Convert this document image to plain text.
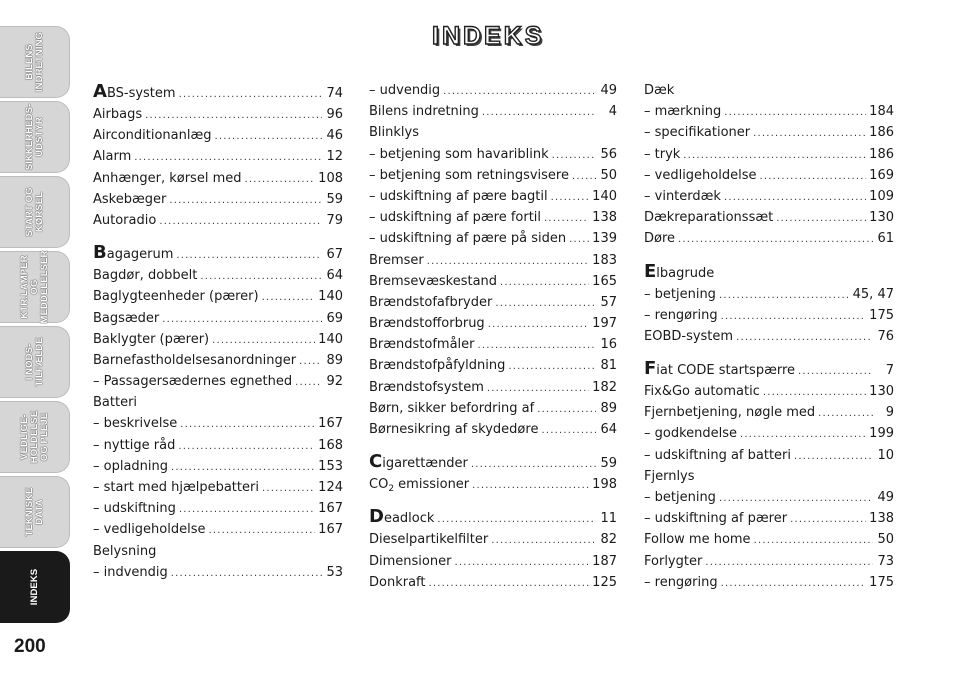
BILENS
INDRETNING
SIKKERHEDS-
UDSTYR
START OG
KØRSEL
KTR.LAMPER
OG
MEDDELELSER
I NØDS-
TILFÆLDE
VEDLIGE-
HOLDELSE
OG PLEJE
TEKNISKE
DATA
INDEKS
200
INDEKS
ABS-system .....	74
Airbags .....	96
Airconditionanlæg .....	46
Alarm .....	12
Anhænger, kørsel med .....	108
Askebæger .....	59
Autoradio .....	79
Bagagerum .....	67
Bagdør, dobbelt .....	64
Baglygteenheder (pærer) .....	140
Bagsæder .....	69
Baklygter (pærer) .....	140
Barnefastholdelsesanordninger ..... 89
– Passagersædernes egnethed .....	92
Batteri
– beskrivelse .....	167
– nyttige råd .....	168
– opladning .....	153
– start med hjælpebatteri .....	124
– udskiftning .....	167
– vedligeholdelse .....	167
Belysning
– indvendig .....	53
– udvendig .....	49
Bilens indretning .....	4
Blinklys
– betjening som havariblink .....	56
– betjening som retningsvisere ..... 50
– udskiftning af pære bagtil .....	140
– udskiftning af pære fortil .....	138
– udskiftning af pære på siden ..... 139
Bremser .....	183
Bremsevæskestand .....	165
Brændstofafbryder .....	57
Brændstofforbrug .....	197
Brændstofmåler .....	16
Brændstofpåfyldning .....	81
Brændstofsystem .....	182
Børn, sikker befordring af .....	89
Børnesikring af skydedøre .....	64
Cigarettænder .....	59
$CO_2$ emissioner .....	198
Deadlock .....	11
Dieselpartikelfilter .....	82
Dimensioner .....	187
Donkraft .....	125
Dæk
– mærkning .....	184
– specifikationer .....	186
– tryk .....	186
– vedligeholdelse .....	169
– vinterdæk .....	109
Dækreparationssæt .....	130
Døre .....	61
Elbagrude
– betjening .....	45, 47
– rengøring .....	175
EOBD-system .....	76
Fiat CODE startspærre .....	7
Fix&Go automatic .....	130
Fjernbetjening, nøgle med .....	9
– godkendelse .....	199
– udskiftning af batteri .....	10
Fjernlys
– betjening .....	49
– udskiftning af pærer .....	138
Follow me home .....	50
Forlygter .....	73
– rengøring .....	175
